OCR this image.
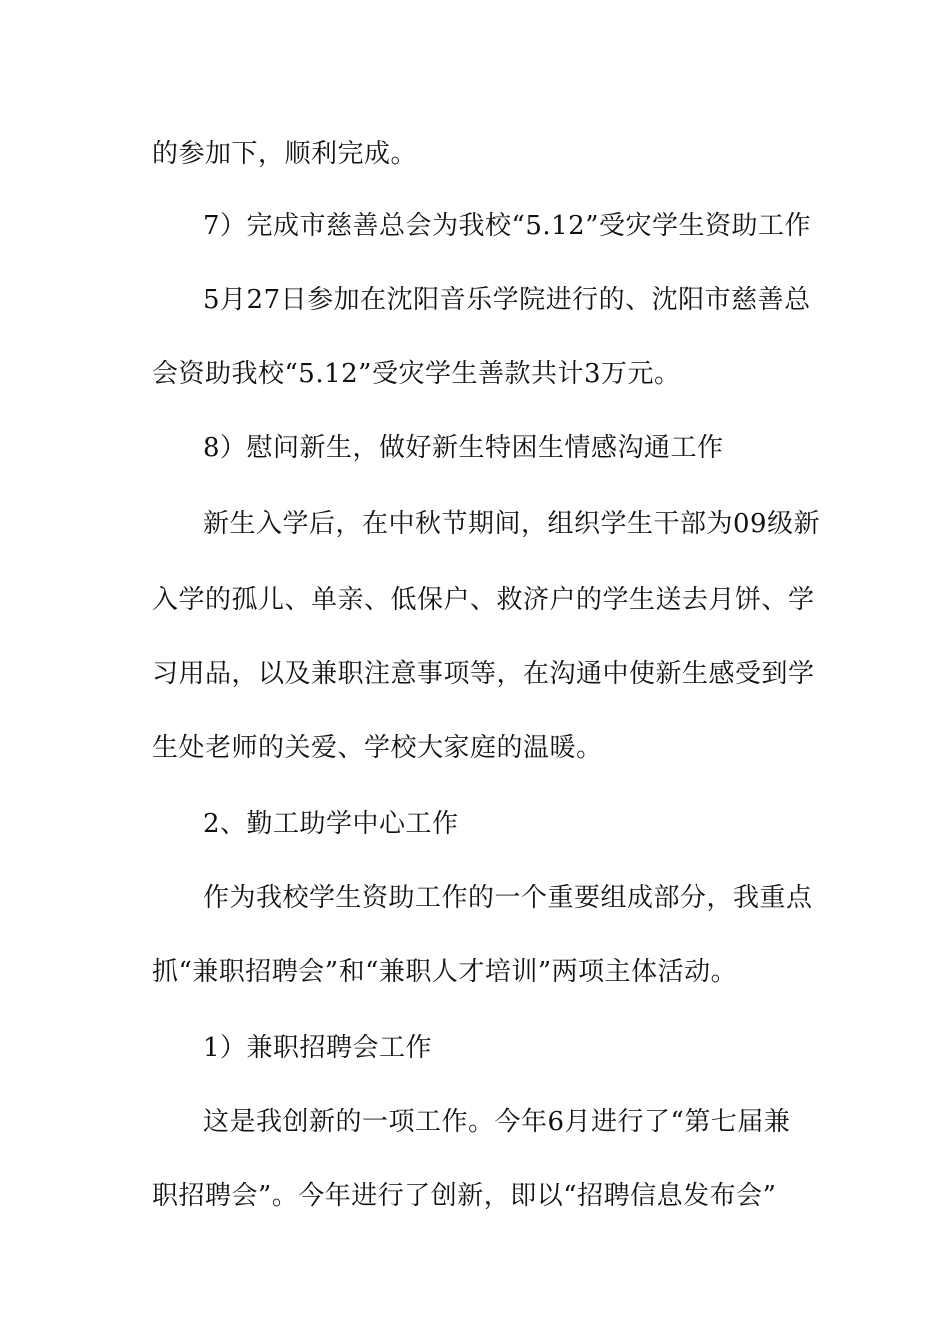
的参加下，顺利完成。
7）完成市慈善总会为我校“5.12”受灾学生资助工作
5月27日参加在沈阳音乐学院进行的、沈阳市慈善总
会资助我校“5.12”受灾学生善款共计3万元。
8）慰问新生，做好新生特困生情感沟通工作
新生入学后，在中秋节期间，组织学生干部为09级新
入学的孤儿、单亲、低保户、救济户的学生送去月饼、学
习用品，以及兼职注意事项等，在沟通中使新生感受到学
生处老师的关爱、学校大家庭的温暖。
2、勤工助学中心工作
作为我校学生资助工作的一个重要组成部分，我重点
抓“兼职招聘会”和“兼职人才培训”两项主体活动。
1）兼职招聘会工作
这是我创新的一项工作。今年6月进行了“第七届兼
职招聘会”。今年进行了创新，即以“招聘信息发布会”
